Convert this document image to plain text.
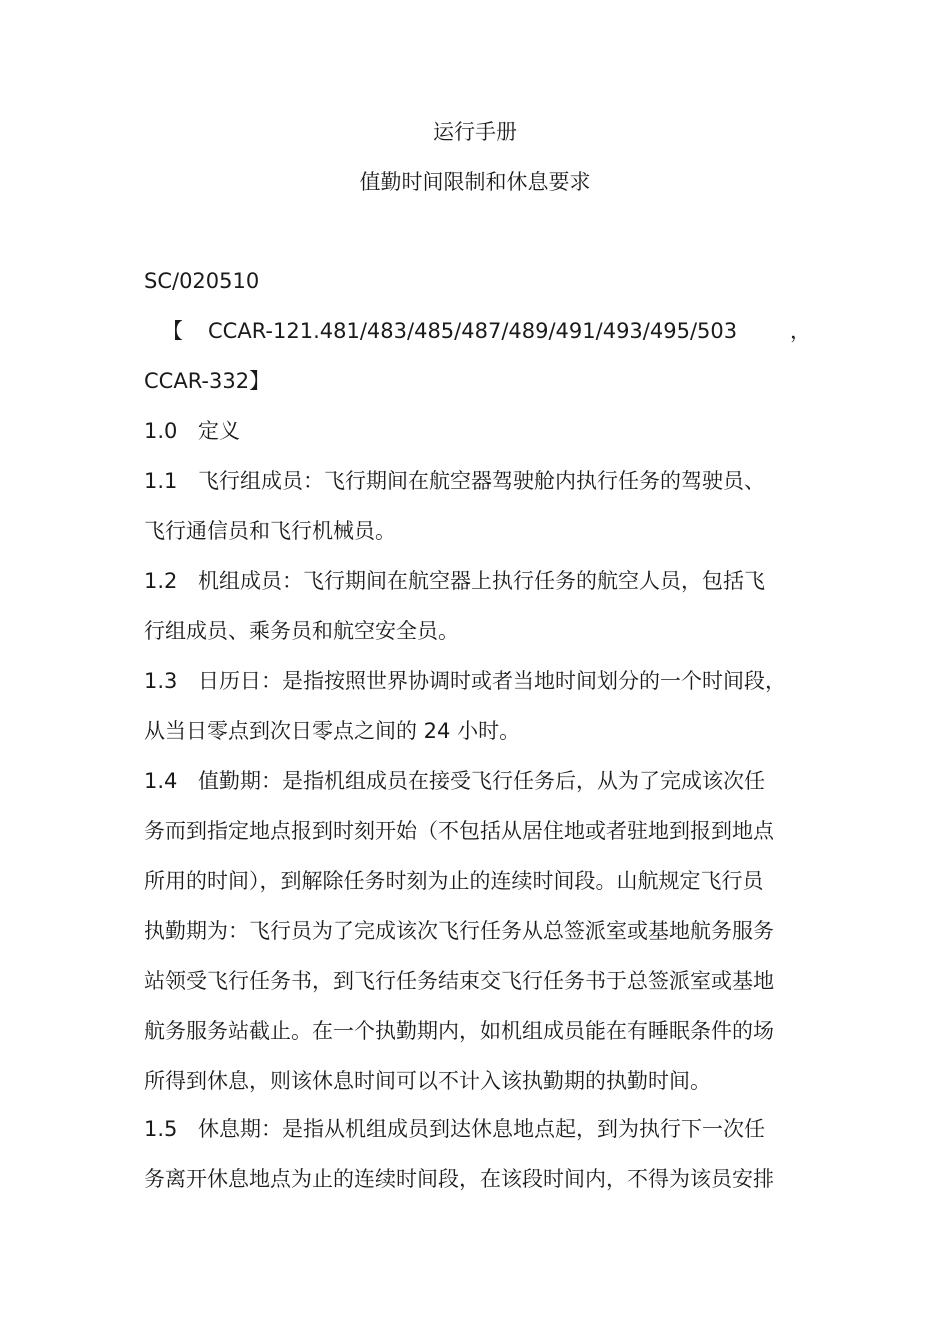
运行手册
值勤时间限制和休息要求
SC/020510
【 CCAR-121.481/483/485/487/489/491/493/495/503	，
CCAR-332】
1.0 定义
1.1 飞行组成员：飞行期间在航空器驾驶舱内执行任务的驾驶员、
飞行通信员和飞行机械员。
1.2 机组成员：飞行期间在航空器上执行任务的航空人员，包括飞
行组成员、乘务员和航空安全员。
1.3 日历日：是指按照世界协调时或者当地时间划分的一个时间段，
从当日零点到次日零点之间的 24 小时。
1.4 值勤期：是指机组成员在接受飞行任务后，从为了完成该次任
务而到指定地点报到时刻开始（不包括从居住地或者驻地到报到地点
所用的时间），到解除任务时刻为止的连续时间段。山航规定飞行员
执勤期为：飞行员为了完成该次飞行任务从总签派室或基地航务服务
站领受飞行任务书，到飞行任务结束交飞行任务书于总签派室或基地
航务服务站截止。在一个执勤期内，如机组成员能在有睡眠条件的场
所得到休息，则该休息时间可以不计入该执勤期的执勤时间。
1.5 休息期：是指从机组成员到达休息地点起，到为执行下一次任
务离开休息地点为止的连续时间段，在该段时间内，不得为该员安排
